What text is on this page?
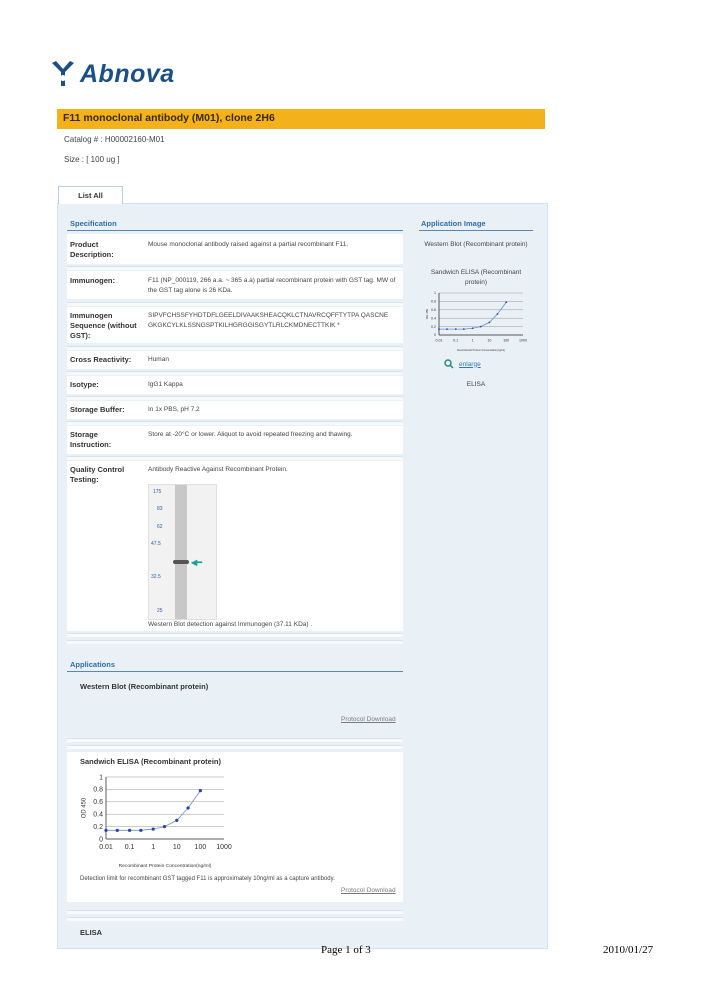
Abnova
F11 monoclonal antibody (M01), clone 2H6
Catalog # : H00002160-M01
Size : [ 100 ug ]
List All
Specification
Product Description:
Mouse monoclonal antibody raised against a partial recombinant F11.
Immunogen:	F11 (NP_000119, 266 a.a. ~ 365 a.a) partial recombinant protein with GST tag. MW of the GST tag alone is 26 KDa.
Immunogen Sequence (without GST):
SIPVFCHSSFYHDTDFLGEELDIVAAKSHEACQKLCTNAVRCQFFTYTPA QASCNEGKGKCYLKLSSNGSPTKILHGRGGISGYTLRLCKMDNECTTKIK *
Cross Reactivity:	Human
Isotype:	IgG1 Kappa
Storage Buffer:	In 1x PBS, pH 7.2
Storage Instruction:
Store at -20°C or lower. Aliquot to avoid repeated freezing and thawing.
Quality Control Testing:
Antibody Reactive Against Recombinant Protein.
◀━
175
83
62
47.5
32.5
25
Western Blot detection against Immunogen (37.11 KDa) .
Application Image
Western Blot (Recombinant protein)
Sandwich ELISA (Recombinant protein)
0
0.2
0.4
0.6
0.8
1
0.01	0.1	1	10	100	1000
Recombinant Protein Concentration(ng/ml)
OD 450
enlarge
ELISA
Applications
Western Blot (Recombinant protein)
Protocol Download
Sandwich ELISA (Recombinant protein)
0
0.2
0.4
0.6
0.8
1
0.01 0.1 1	10 100 1000
Recombinant Protein Concentration(ng/ml)
OD 450
Detection limit for recombinant GST tagged F11 is approximately 10ng/ml as a capture antibody.
Protocol Download
ELISA
Page 1 of 3	2010/01/27
